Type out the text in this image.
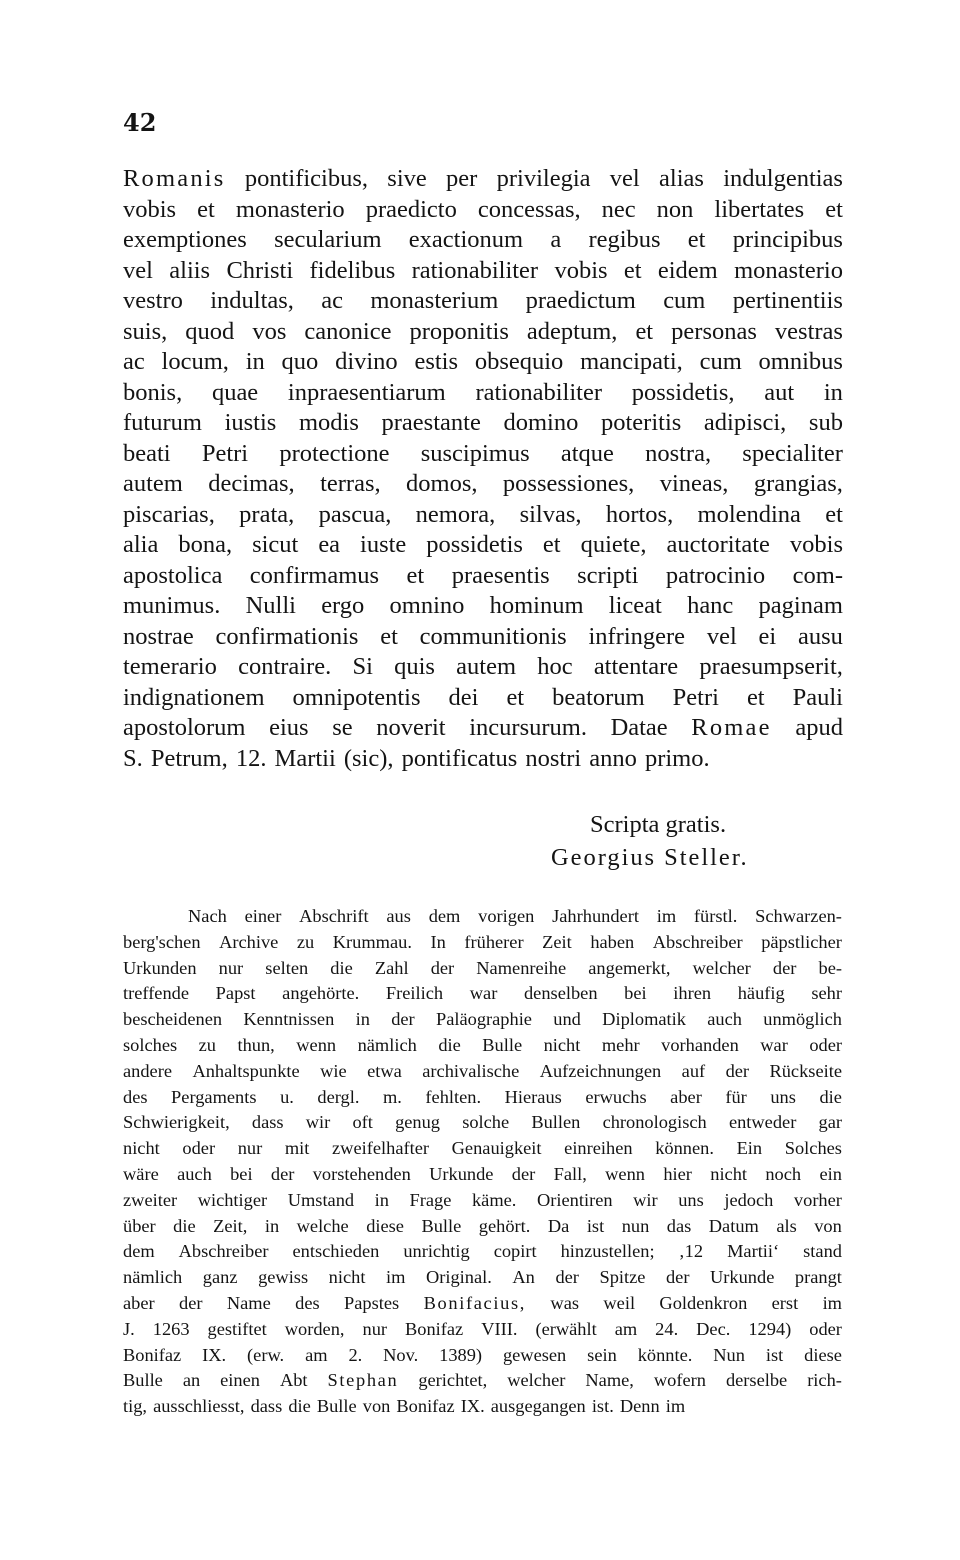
42
Romanis pontificibus, sive per privilegia vel alias indulgentias
vobis et monasterio praedicto concessas, nec non libertates et
exemptiones secularium exactionum a regibus et principibus
vel aliis Christi fidelibus rationabiliter vobis et eidem monasterio
vestro indultas, ac monasterium praedictum cum pertinentiis
suis, quod vos canonice proponitis adeptum, et personas vestras
ac locum, in quo divino estis obsequio mancipati, cum omnibus
bonis, quae inpraesentiarum rationabiliter possidetis, aut in
futurum iustis modis praestante domino poteritis adipisci, sub
beati Petri protectione suscipimus atque nostra, specialiter
autem decimas, terras, domos, possessiones, vineas, grangias,
piscarias, prata, pascua, nemora, silvas, hortos, molendina et
alia bona, sicut ea iuste possidetis et quiete, auctoritate vobis
apostolica confirmamus et praesentis scripti patrocinio com-
munimus. Nulli ergo omnino hominum liceat hanc paginam
nostrae confirmationis et communitionis infringere vel ei ausu
temerario contraire. Si quis autem hoc attentare praesumpserit,
indignationem omnipotentis dei et beatorum Petri et Pauli
apostolorum eius se noverit incursurum. Datae Romae apud
S. Petrum, 12. Martii (sic), pontificatus nostri anno primo.
Scripta gratis.
Georgius Steller.
Nach einer Abschrift aus dem vorigen Jahrhundert im fürstl. Schwarzen-
berg'schen Archive zu Krummau. In früherer Zeit haben Abschreiber päpstlicher
Urkunden nur selten die Zahl der Namenreihe angemerkt, welcher der be-
treffende Papst angehörte. Freilich war denselben bei ihren häufig sehr
bescheidenen Kenntnissen in der Paläographie und Diplomatik auch unmöglich
solches zu thun, wenn nämlich die Bulle nicht mehr vorhanden war oder
andere Anhaltspunkte wie etwa archivalische Aufzeichnungen auf der Rückseite
des Pergaments u. dergl. m. fehlten. Hieraus erwuchs aber für uns die
Schwierigkeit, dass wir oft genug solche Bullen chronologisch entweder gar
nicht oder nur mit zweifelhafter Genauigkeit einreihen können. Ein Solches
wäre auch bei der vorstehenden Urkunde der Fall, wenn hier nicht noch ein
zweiter wichtiger Umstand in Frage käme. Orientiren wir uns jedoch vorher
über die Zeit, in welche diese Bulle gehört. Da ist nun das Datum als von
dem Abschreiber entschieden unrichtig copirt hinzustellen; ‚12 Martii‘ stand
nämlich ganz gewiss nicht im Original. An der Spitze der Urkunde prangt
aber der Name des Papstes Bonifacius, was weil Goldenkron erst im
J. 1263 gestiftet worden, nur Bonifaz VIII. (erwählt am 24. Dec. 1294) oder
Bonifaz IX. (erw. am 2. Nov. 1389) gewesen sein könnte. Nun ist diese
Bulle an einen Abt Stephan gerichtet, welcher Name, wofern derselbe rich-
tig, ausschliesst, dass die Bulle von Bonifaz IX. ausgegangen ist. Denn im
